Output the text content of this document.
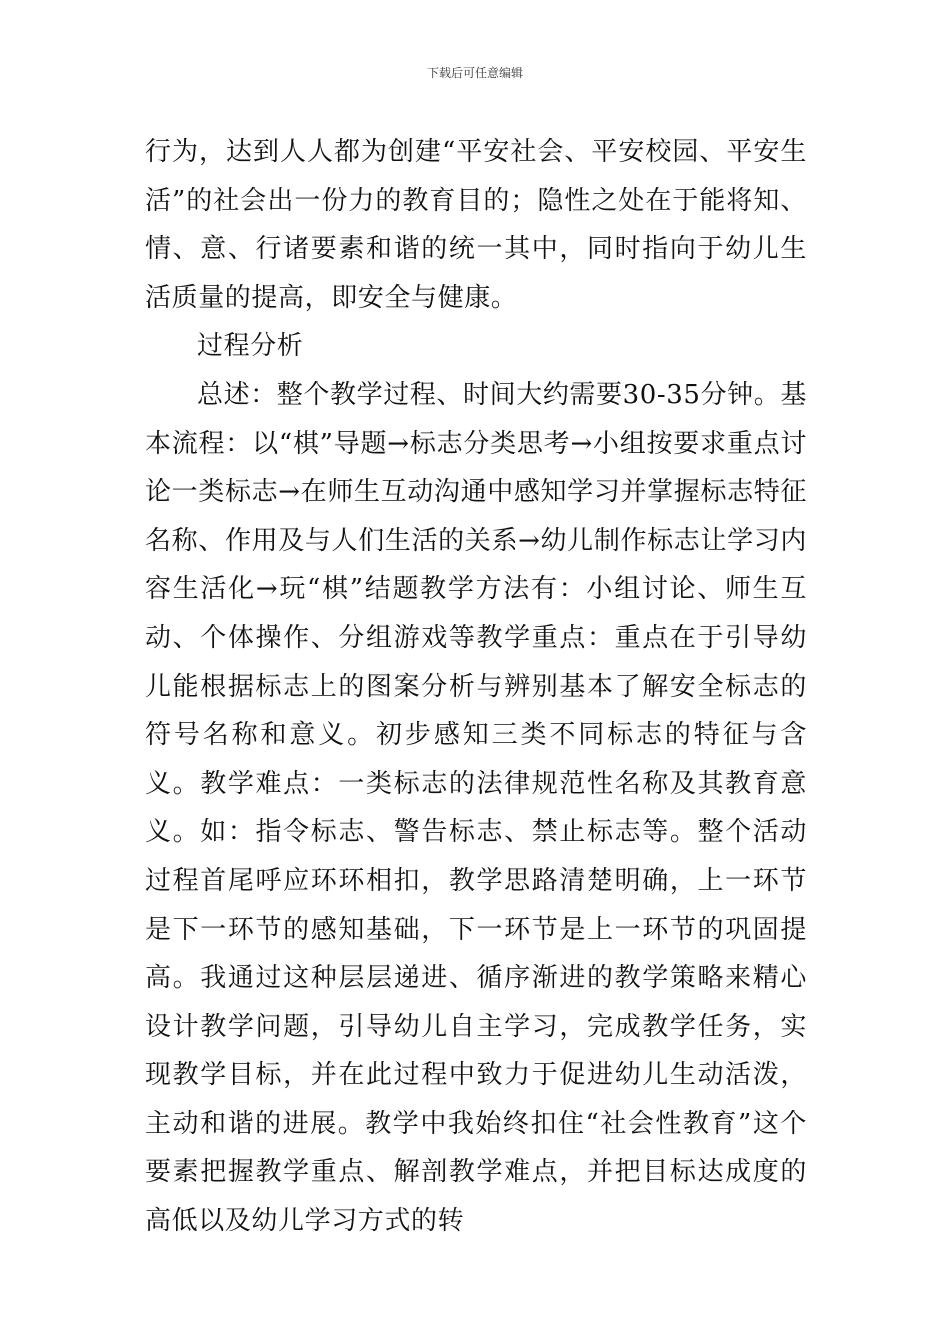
下载后可任意编辑

行为，达到人人都为创建“平安社会、平安校园、平安生活”的社会出一份力的教育目的；隐性之处在于能将知、情、意、行诸要素和谐的统一其中，同时指向于幼儿生活质量的提高，即安全与健康。

过程分析

总述：整个教学过程、时间大约需要30-35分钟。基本流程：以“棋”导题→标志分类思考→小组按要求重点讨论一类标志→在师生互动沟通中感知学习并掌握标志特征名称、作用及与人们生活的关系→幼儿制作标志让学习内容生活化→玩“棋”结题教学方法有：小组讨论、师生互动、个体操作、分组游戏等教学重点：重点在于引导幼儿能根据标志上的图案分析与辨别基本了解安全标志的符号名称和意义。初步感知三类不同标志的特征与含义。教学难点：一类标志的法律规范性名称及其教育意义。如：指令标志、警告标志、禁止标志等。整个活动过程首尾呼应环环相扣，教学思路清楚明确，上一环节是下一环节的感知基础，下一环节是上一环节的巩固提高。我通过这种层层递进、循序渐进的教学策略来精心设计教学问题，引导幼儿自主学习，完成教学任务，实现教学目标，并在此过程中致力于促进幼儿生动活泼，主动和谐的进展。教学中我始终扣住“社会性教育”这个要素把握教学重点、解剖教学难点，并把目标达成度的高低以及幼儿学习方式的转
